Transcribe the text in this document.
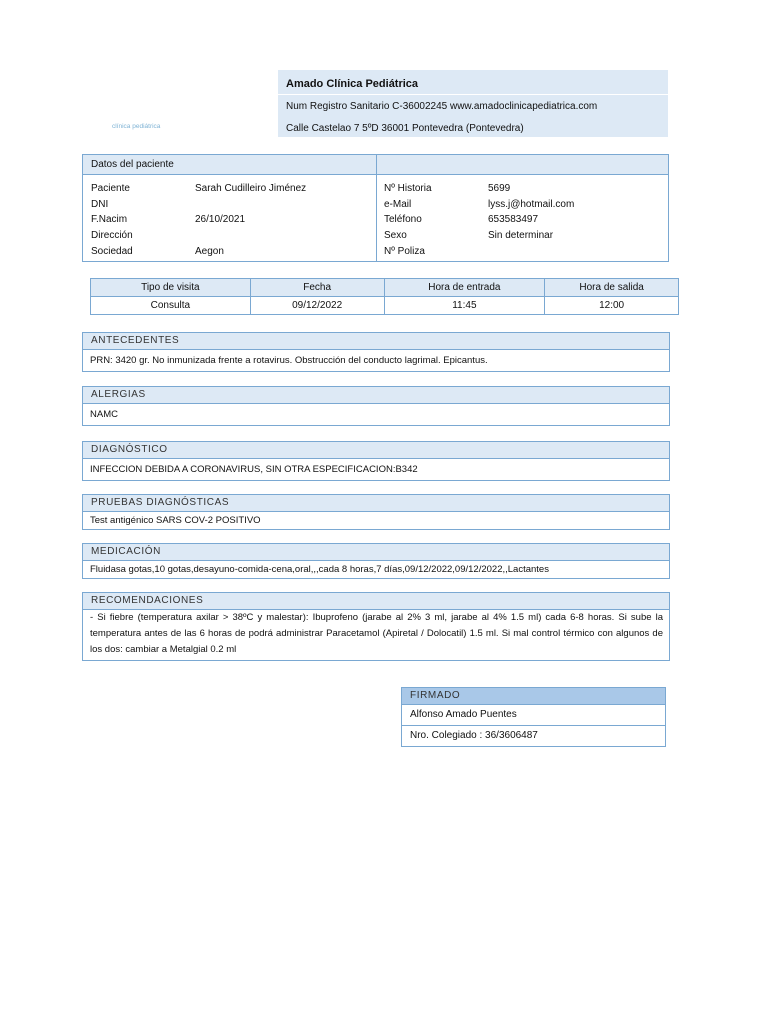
clínica pediátrica
Amado Clínica Pediátrica
Num Registro Sanitario C-36002245 www.amadoclinicapediatrica.com
Calle Castelao 7 5ºD 36001 Pontevedra (Pontevedra)
Datos del paciente
Paciente	Sarah Cudilleiro Jiménez
DNI
F.Nacim	26/10/2021
Dirección
Sociedad	Aegon
Nº Historia	5699
e-Mail	lyss.j@hotmail.com
Teléfono	653583497
Sexo	Sin determinar
Nº Poliza
Tipo de visita	Fecha	Hora de entrada	Hora de salida
Consulta	09/12/2022	11:45	12:00
ANTECEDENTES
PRN: 3420 gr. No inmunizada frente a rotavirus. Obstrucción del conducto lagrimal. Epicantus.
ALERGIAS
NAMC
DIAGNÓSTICO
INFECCION DEBIDA A CORONAVIRUS, SIN OTRA ESPECIFICACION:B342
PRUEBAS DIAGNÓSTICAS
Test antigénico SARS COV-2 POSITIVO
MEDICACIÓN
Fluidasa gotas,10 gotas,desayuno-comida-cena,oral,,,cada 8 horas,7 días,09/12/2022,09/12/2022,,Lactantes
RECOMENDACIONES
- Si fiebre (temperatura axilar > 38ºC y malestar): Ibuprofeno (jarabe al 2% 3 ml, jarabe al 4% 1.5 ml) cada 6-8 horas. Si sube la temperatura antes de las 6 horas de podrá administrar Paracetamol (Apiretal / Dolocatil) 1.5 ml. Si mal control térmico con algunos de los dos: cambiar a Metalgial 0.2 ml
FIRMADO
Alfonso Amado Puentes
Nro. Colegiado : 36/3606487
